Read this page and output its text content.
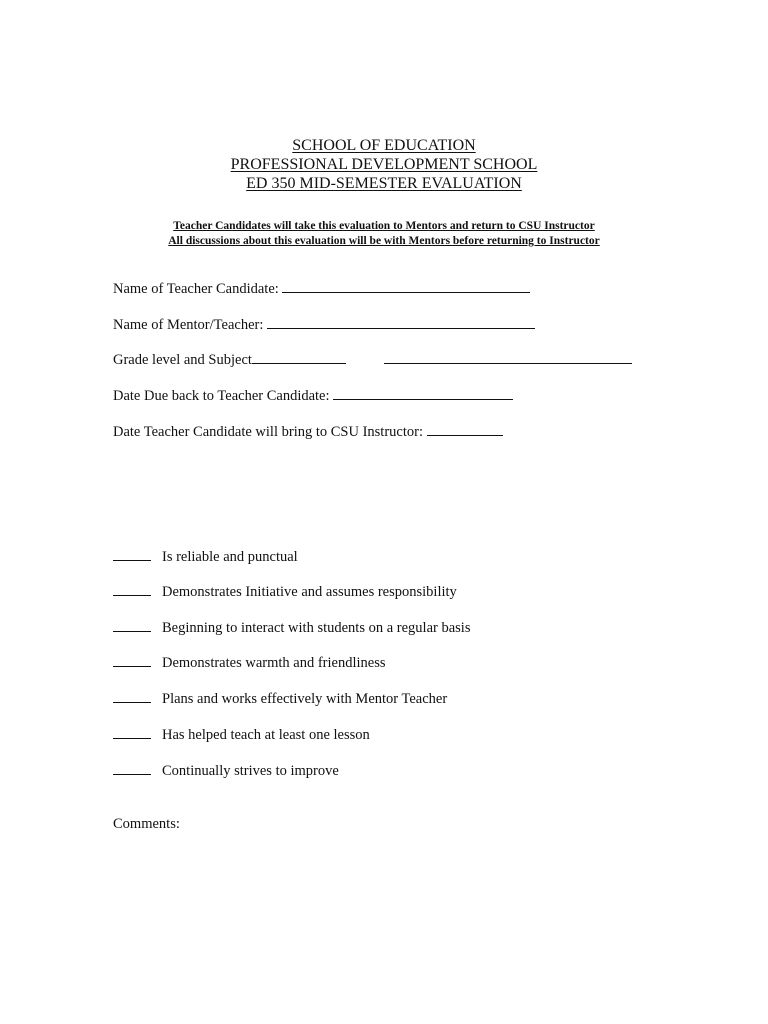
SCHOOL OF EDUCATION
PROFESSIONAL DEVELOPMENT SCHOOL
ED 350 MID-SEMESTER EVALUATION
Teacher Candidates will take this evaluation to Mentors and return to CSU Instructor
All discussions about this evaluation will be with Mentors before returning to Instructor
Name of Teacher Candidate:
Name of Mentor/Teacher:
Grade level and Subject
Date Due back to Teacher Candidate:
Date Teacher Candidate will bring to CSU Instructor:
Is reliable and punctual
Demonstrates Initiative and assumes responsibility
Beginning to interact with students on a regular basis
Demonstrates warmth and friendliness
Plans and works effectively with Mentor Teacher
Has helped teach at least one lesson
Continually strives to improve
Comments:
